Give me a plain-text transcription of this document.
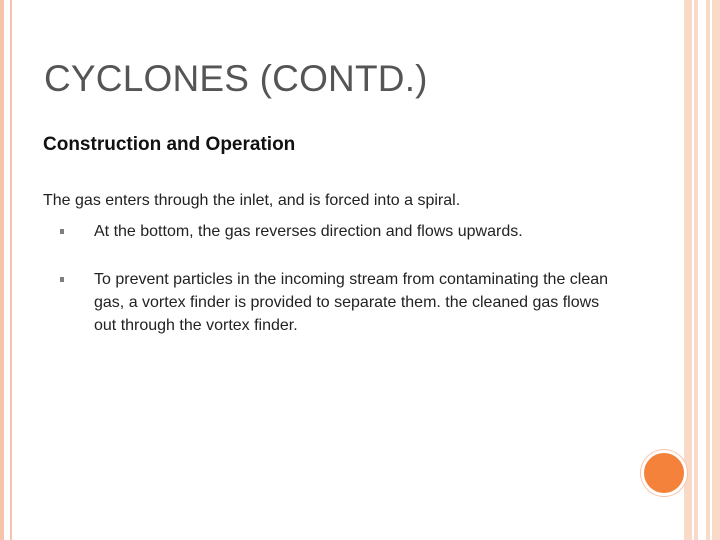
CYCLONES (CONTD.)
Construction and Operation

The gas enters through the inlet, and is forced into a spiral.

At the bottom, the gas reverses direction and flows upwards.
To prevent particles in the incoming stream from contaminating the clean gas, a vortex finder is provided to separate them. the cleaned gas flows out through the vortex finder.
